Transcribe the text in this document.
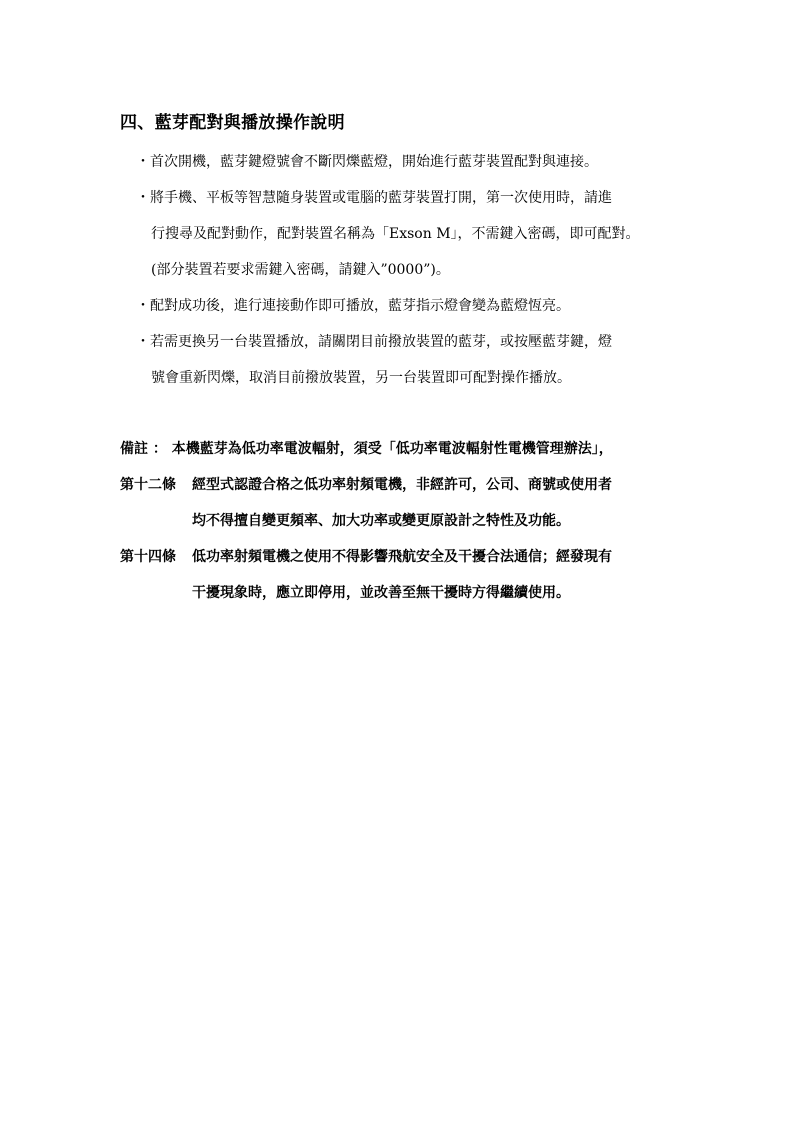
四、藍芽配對與播放操作說明
・首次開機，藍芽鍵燈號會不斷閃爍藍燈，開始進行藍芽裝置配對與連接。
・將手機、平板等智慧隨身裝置或電腦的藍芽裝置打開，第一次使用時，請進
行搜尋及配對動作，配對裝置名稱為「Exson M」，不需鍵入密碼，即可配對。
(部分裝置若要求需鍵入密碼，請鍵入”0000”)。
・配對成功後，進行連接動作即可播放，藍芽指示燈會變為藍燈恆亮。
・若需更換另一台裝置播放，請關閉目前撥放裝置的藍芽，或按壓藍芽鍵，燈
號會重新閃爍，取消目前撥放裝置，另一台裝置即可配對操作播放。
備註 ： 本機藍芽為低功率電波輻射，須受「低功率電波輻射性電機管理辦法」，
第十二條 經型式認證合格之低功率射頻電機，非經許可，公司、商號或使用者
均不得擅自變更頻率、加大功率或變更原設計之特性及功能。
第十四條 低功率射頻電機之使用不得影響飛航安全及干擾合法通信；經發現有
干擾現象時，應立即停用，並改善至無干擾時方得繼續使用。
